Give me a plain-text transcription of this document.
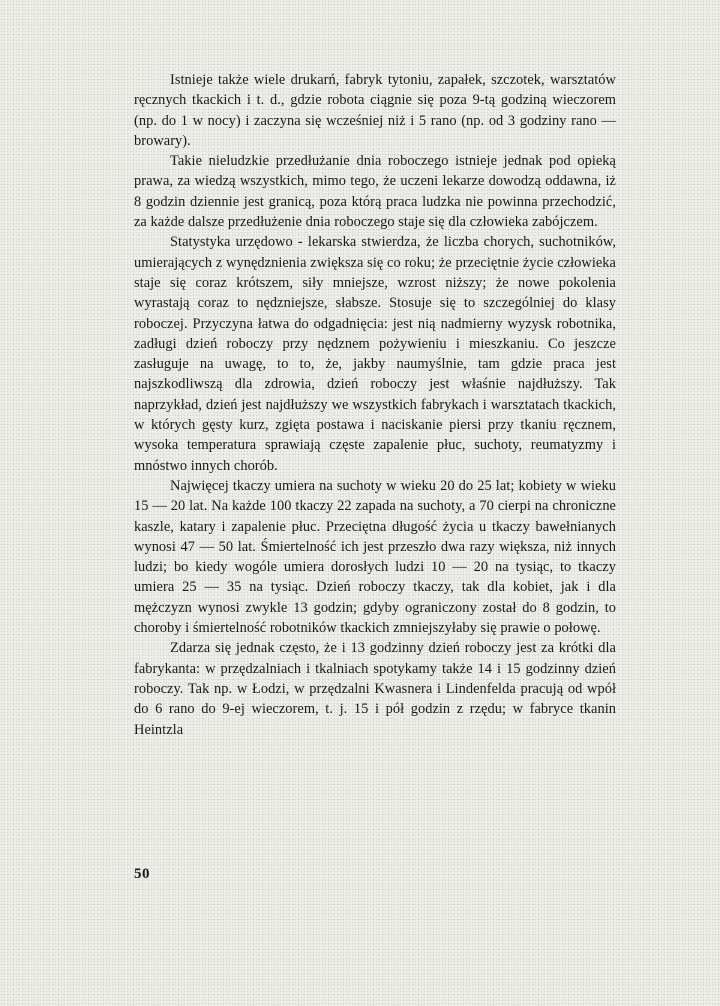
Istnieje także wiele drukarń, fabryk tytoniu, zapałek, szczotek, warsztatów ręcznych tkackich i t. d., gdzie robota ciągnie się poza 9-tą godziną wieczorem (np. do 1 w nocy) i zaczyna się wcześniej niż i 5 rano (np. od 3 godziny rano — browary).

Takie nieludzkie przedłużanie dnia roboczego istnieje jednak pod opieką prawa, za wiedzą wszystkich, mimo tego, że uczeni lekarze dowodzą oddawna, iż 8 godzin dziennie jest granicą, poza którą praca ludzka nie powinna przechodzić, za każde dalsze przedłużenie dnia roboczego staje się dla człowieka zabójczem.

Statystyka urzędowo - lekarska stwierdza, że liczba chorych, suchotników, umierających z wynędznienia zwiększa się co roku; że przeciętnie życie człowieka staje się coraz krótszem, siły mniejsze, wzrost niższy; że nowe pokolenia wyrastają coraz to nędzniejsze, słabsze. Stosuje się to szczególniej do klasy roboczej. Przyczyna łatwa do odgadnięcia: jest nią nadmierny wyzysk robotnika, zadługi dzień roboczy przy nędznem pożywieniu i mieszkaniu. Co jeszcze zasługuje na uwagę, to to, że, jakby naumyślnie, tam gdzie praca jest najszkodliwszą dla zdrowia, dzień roboczy jest właśnie najdłuższy. Tak naprzykład, dzień jest najdłuższy we wszystkich fabrykach i warsztatach tkackich, w których gęsty kurz, zgięta postawa i naciskanie piersi przy tkaniu ręcznem, wysoka temperatura sprawiają częste zapalenie płuc, suchoty, reumatyzmy i mnóstwo innych chorób.

Najwięcej tkaczy umiera na suchoty w wieku 20 do 25 lat; kobiety w wieku 15 — 20 lat. Na każde 100 tkaczy 22 zapada na suchoty, a 70 cierpi na chroniczne kaszle, katary i zapalenie płuc. Przeciętna długość życia u tkaczy bawełnianych wynosi 47 — 50 lat. Śmiertelność ich jest przeszło dwa razy większa, niż innych ludzi; bo kiedy wogóle umiera dorosłych ludzi 10 — 20 na tysiąc, to tkaczy umiera 25 — 35 na tysiąc. Dzień roboczy tkaczy, tak dla kobiet, jak i dla mężczyzn wynosi zwykle 13 godzin; gdyby ograniczony został do 8 godzin, to choroby i śmiertelność robotników tkackich zmniejszyłaby się prawie o połowę.

Zdarza się jednak często, że i 13 godzinny dzień roboczy jest za krótki dla fabrykanta: w przędzalniach i tkalniach spotykamy także 14 i 15 godzinny dzień roboczy. Tak np. w Łodzi, w przędzalni Kwasnera i Lindenfelda pracują od wpół do 6 rano do 9-ej wieczorem, t. j. 15 i pół godzin z rzędu; w fabryce tkanin Heintzla

50
